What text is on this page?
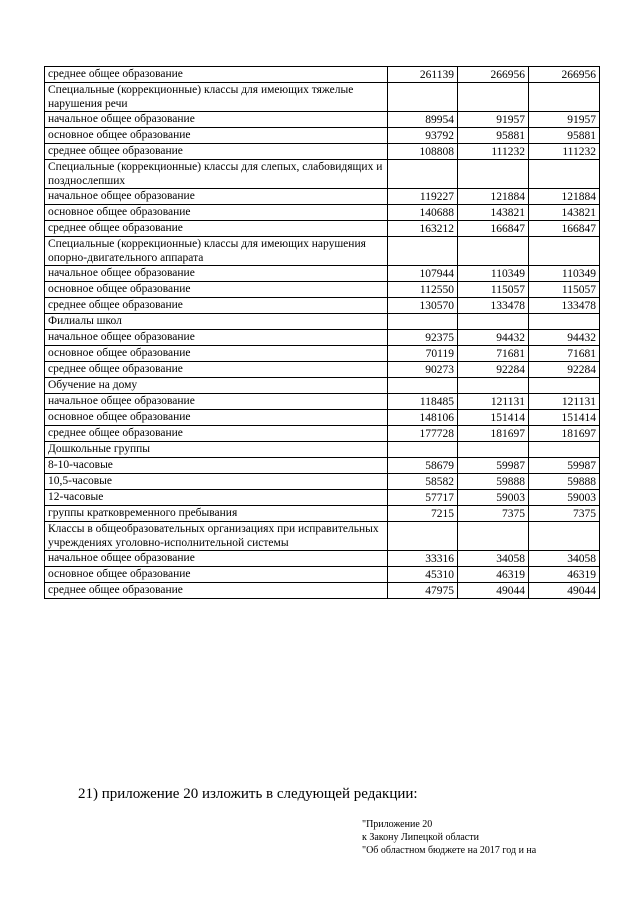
среднее общее образование	261139	266956	266956
Специальные (коррекционные) классы для имеющих тяжелые нарушения речи			
начальное общее образование	89954	91957	91957
основное общее образование	93792	95881	95881
среднее общее образование	108808	111232	111232
Специальные (коррекционные) классы для слепых, слабовидящих и позднослепших			
начальное общее образование	119227	121884	121884
основное общее образование	140688	143821	143821
среднее общее образование	163212	166847	166847
Специальные (коррекционные) классы для имеющих нарушения опорно-двигательного аппарата			
начальное общее образование	107944	110349	110349
основное общее образование	112550	115057	115057
среднее общее образование	130570	133478	133478
Филиалы школ			
начальное общее образование	92375	94432	94432
основное общее образование	70119	71681	71681
среднее общее образование	90273	92284	92284
Обучение на дому			
начальное общее образование	118485	121131	121131
основное общее образование	148106	151414	151414
среднее общее образование	177728	181697	181697
Дошкольные группы			
8-10-часовые	58679	59987	59987
10,5-часовые	58582	59888	59888
12-часовые	57717	59003	59003
группы кратковременного пребывания	7215	7375	7375
Классы в общеобразовательных организациях при исправительных учреждениях уголовно-исполнительной системы			
начальное общее образование	33316	34058	34058
основное общее образование	45310	46319	46319
среднее общее образование	47975	49044	49044
21) приложение 20 изложить в следующей редакции:
"Приложение 20
к Закону Липецкой области
"Об областном бюджете на 2017 год и на
